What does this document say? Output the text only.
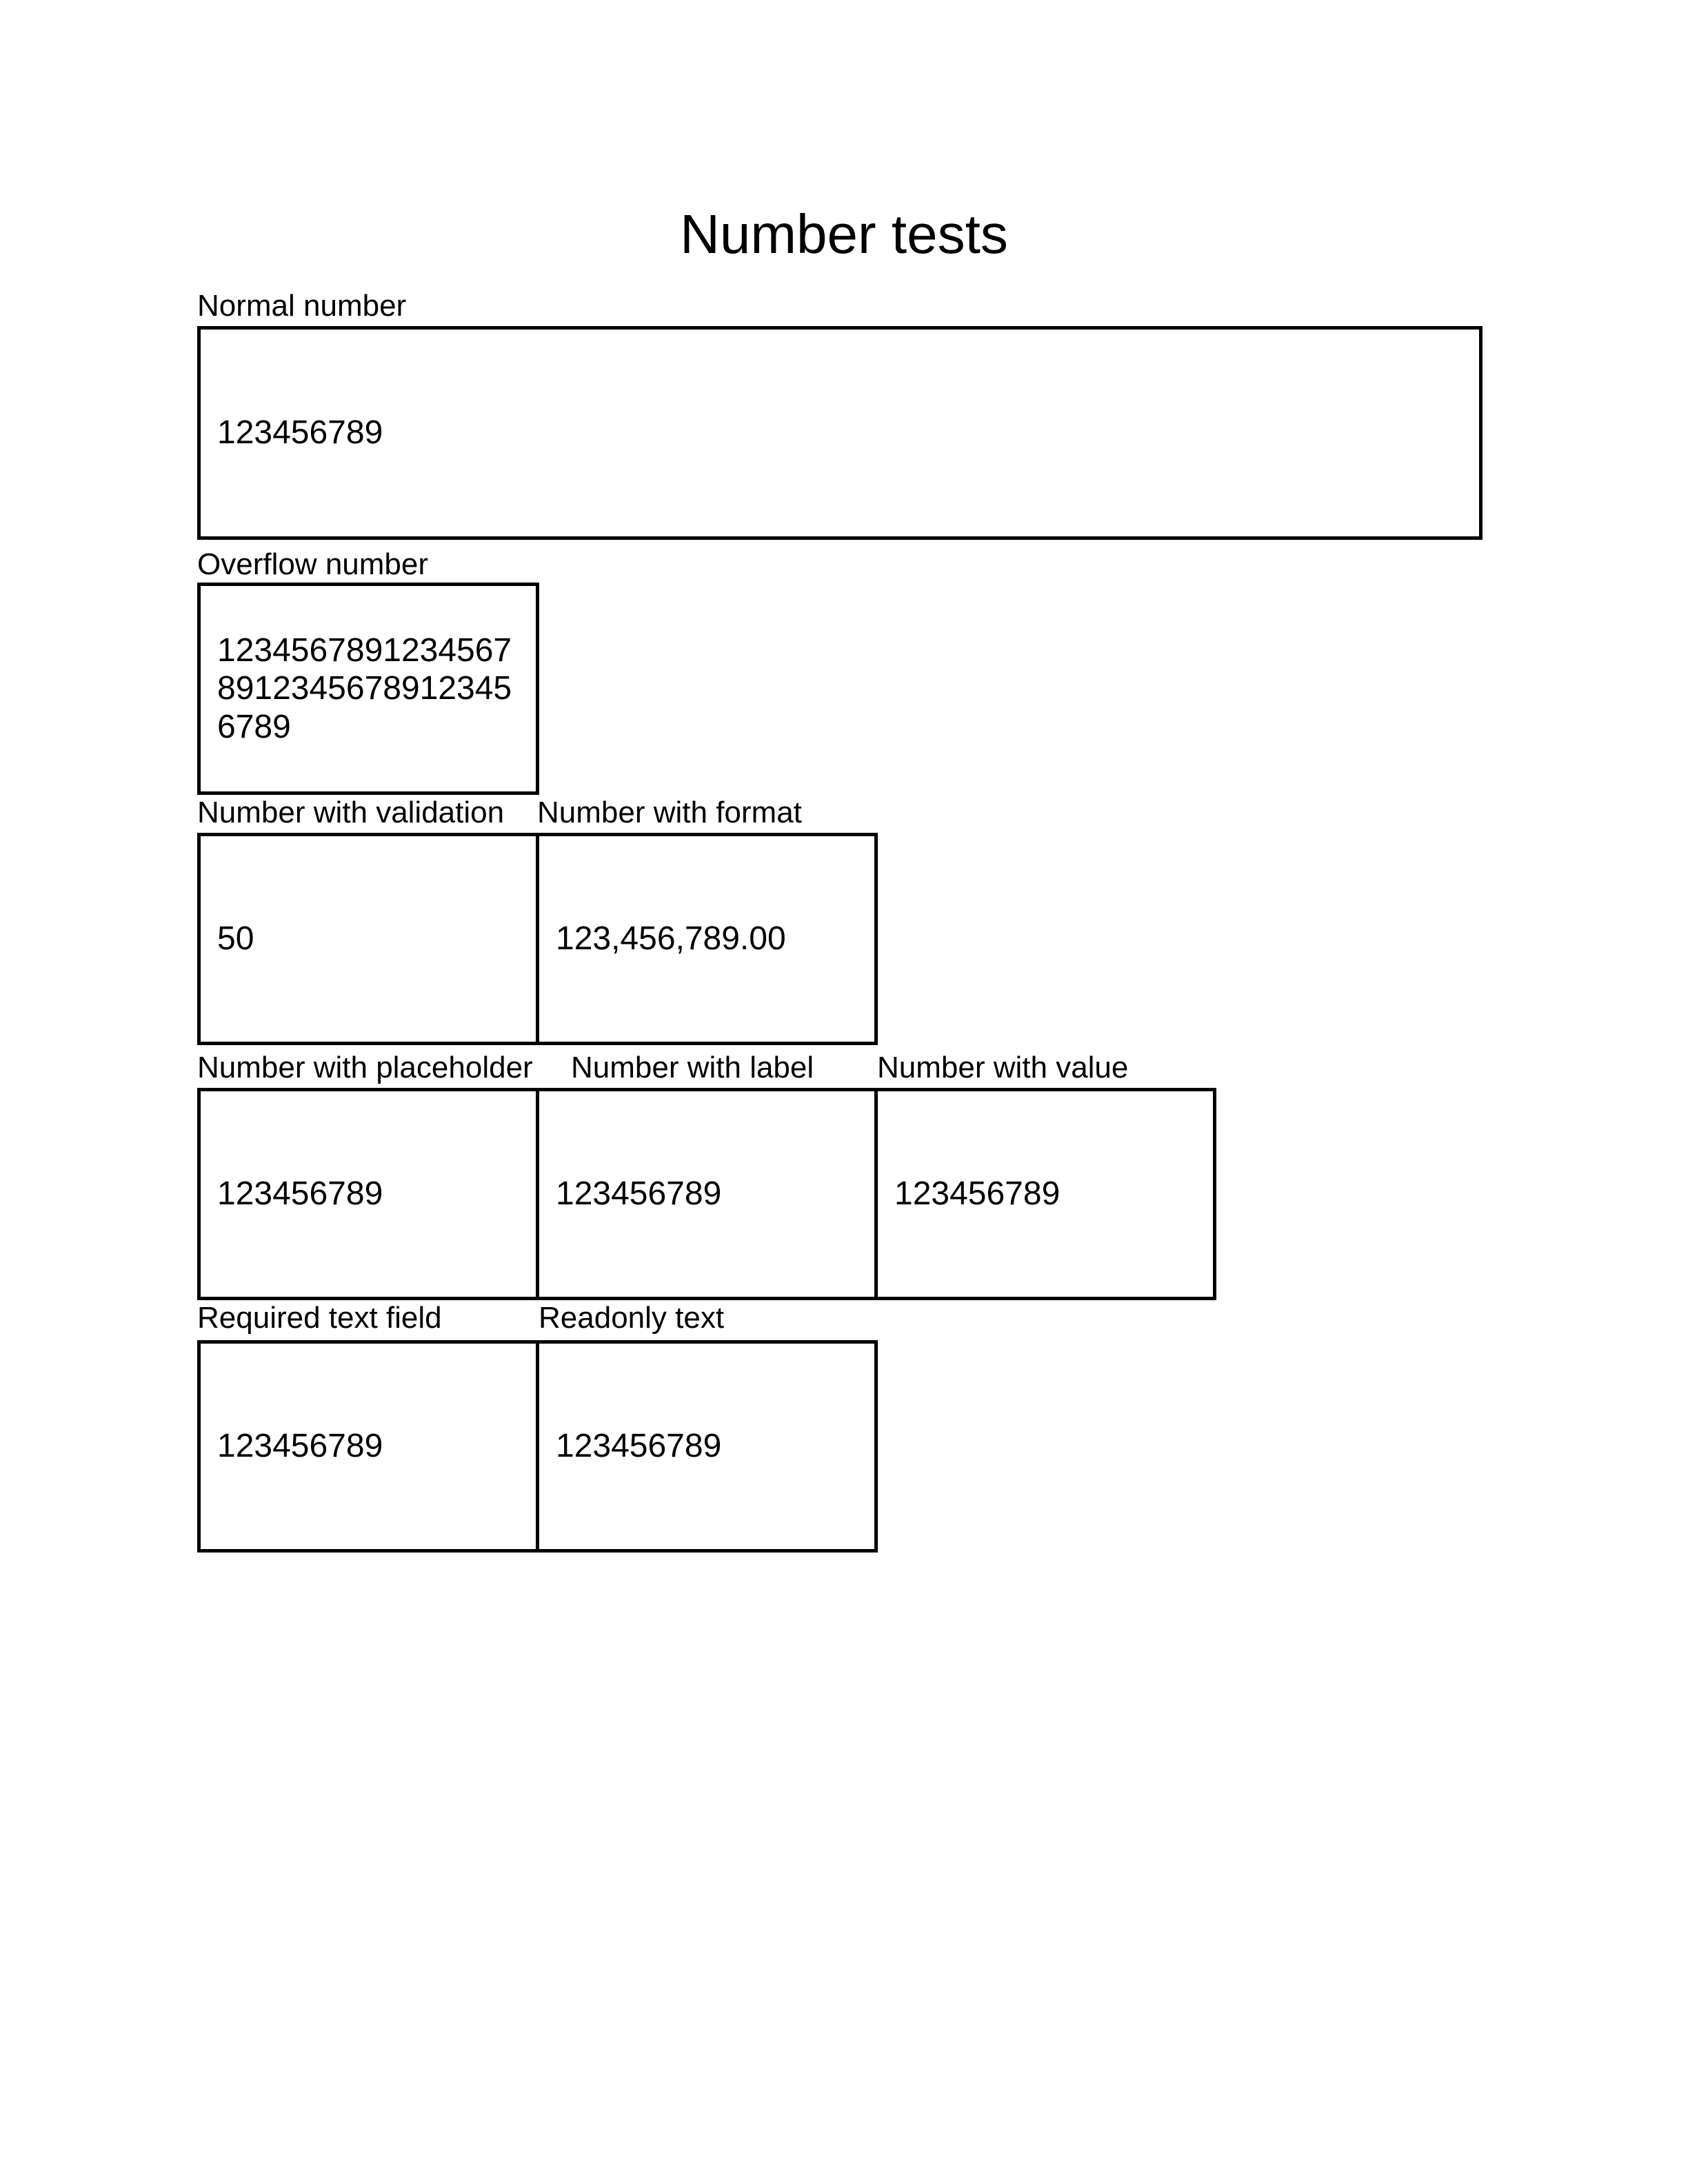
Number tests
Normal number
123456789
Overflow number
123456789123456789123456789123456789
Number with validation
50
Number with format
123,456,789.00
Number with placeholder
123456789
Number with label
123456789
Number with value
123456789
Required text field
123456789
Readonly text
123456789
